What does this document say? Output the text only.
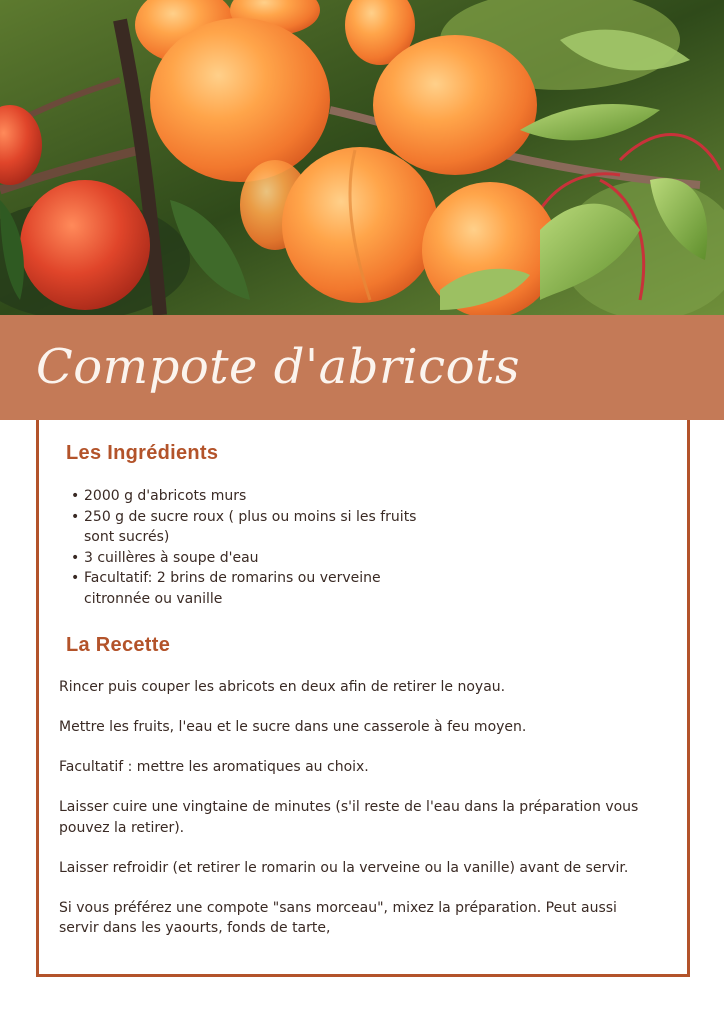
Compote d'abricots
Les Ingrédients
• 2000 g d'abricots murs
• 250 g de sucre roux ( plus ou moins si les fruits sont sucrés)
• 3 cuillères à soupe d'eau
• Facultatif: 2 brins de romarins ou verveine citronnée ou vanille
La Recette

Rincer puis couper les abricots en deux afin de retirer le noyau.

Mettre les fruits, l'eau et le sucre dans une casserole à feu moyen.

Facultatif : mettre les aromatiques au choix.

Laisser cuire une vingtaine de minutes (s'il reste de l'eau dans la préparation vous pouvez la retirer).

Laisser refroidir (et retirer le romarin ou la verveine ou la vanille) avant de servir.

Si vous préférez une compote "sans morceau", mixez la préparation. Peut aussi servir dans les yaourts, fonds de tarte,
